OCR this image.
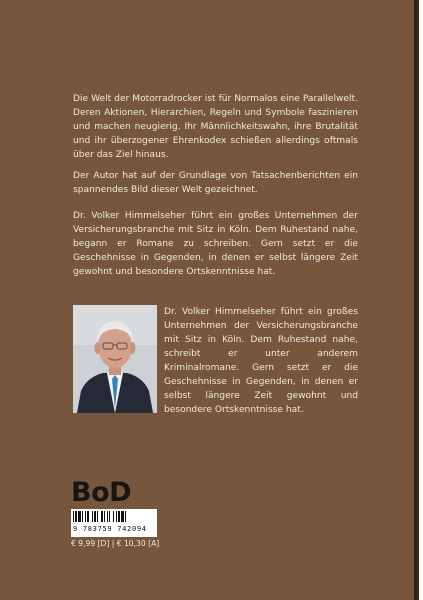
Die Welt der Motorradrocker ist für Normalos eine Parallelwelt. Deren Aktionen, Hierarchien, Regeln und Symbole faszinieren und machen neugierig. Ihr Männlichkeitswahn, ihre Brutalität und ihr überzogener Ehrenkodex schießen allerdings oftmals über das Ziel hinaus.

Der Autor hat auf der Grundlage von Tatsachenberichten ein spannendes Bild dieser Welt gezeichnet.

Dr. Volker Himmelseher führt ein großes Unternehmen der Versicherungsbranche mit Sitz in Köln. Dem Ruhestand nahe, begann er Romane zu schreiben. Gern setzt er die Geschehnisse in Gegenden, in denen er selbst längere Zeit gewohnt und besondere Ortskenntnisse hat.

Dr. Volker Himmelseher führt ein großes Unternehmen der Versicherungsbranche mit Sitz in Köln. Dem Ruhestand nahe, schreibt er unter anderem Kriminalromane. Gern setzt er die Geschehnisse in Gegenden, in denen er selbst längere Zeit gewohnt und besondere Ortskenntnisse hat.

BoD
9 783759 742094
€ 9,99 [D] | € 10,30 [A]
